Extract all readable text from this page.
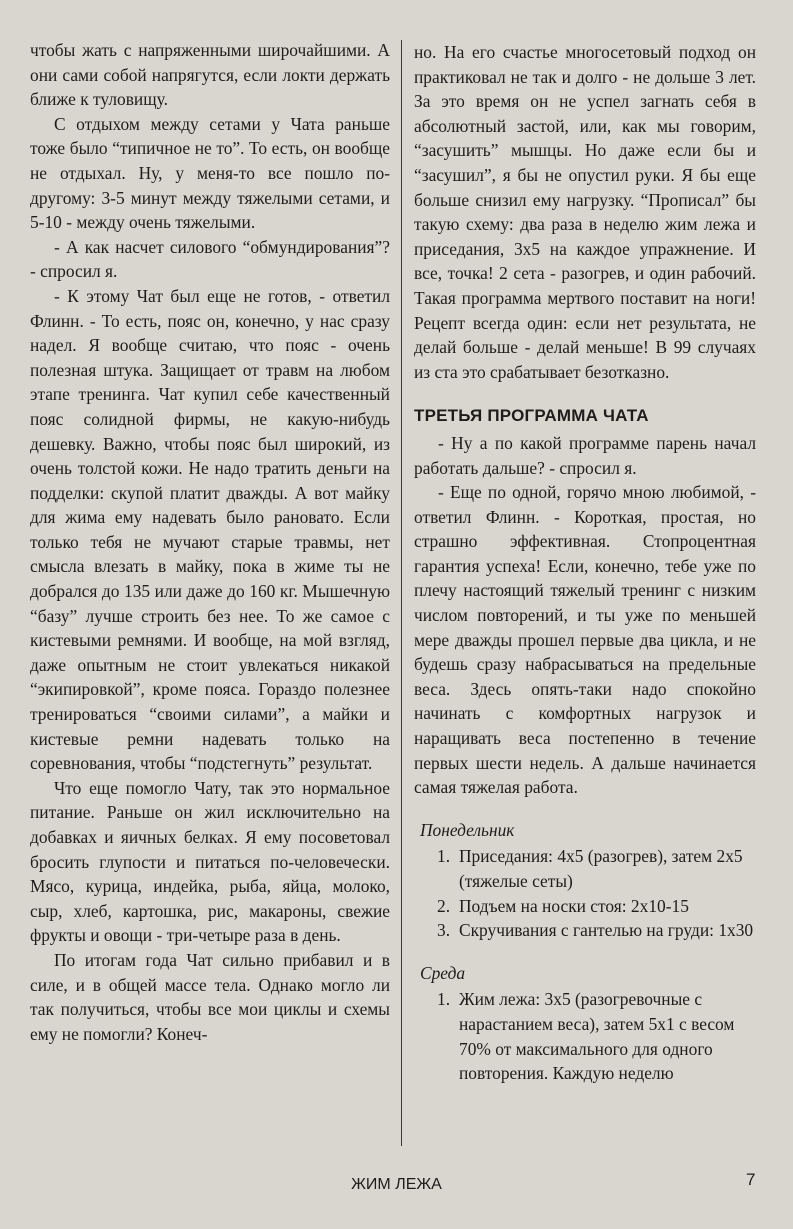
чтобы жать с напряженными широчайшими. А они сами собой напрягутся, если локти держать ближе к туловищу.

С отдыхом между сетами у Чата раньше тоже было “типичное не то”. То есть, он вообще не отдыхал. Ну, у меня-то все пошло по-другому: 3-5 минут между тяжелыми сетами, и 5-10 - между очень тяжелыми.

- А как насчет силового “обмундирования”? - спросил я.

- К этому Чат был еще не готов, - ответил Флинн. - То есть, пояс он, конечно, у нас сразу надел. Я вообще считаю, что пояс - очень полезная штука. Защищает от травм на любом этапе тренинга. Чат купил себе качественный пояс солидной фирмы, не какую-нибудь дешевку. Важно, чтобы пояс был широкий, из очень толстой кожи. Не надо тратить деньги на подделки: скупой платит дважды. А вот майку для жима ему надевать было рановато. Если только тебя не мучают старые травмы, нет смысла влезать в майку, пока в жиме ты не добрался до 135 или даже до 160 кг. Мышечную “базу” лучше строить без нее. То же самое с кистевыми ремнями. И вообще, на мой взгляд, даже опытным не стоит увлекаться никакой “экипировкой”, кроме пояса. Гораздо полезнее тренироваться “своими силами”, а майки и кистевые ремни надевать только на соревнования, чтобы “подстегнуть” результат.

Что еще помогло Чату, так это нормальное питание. Раньше он жил исключительно на добавках и яичных белках. Я ему посоветовал бросить глупости и питаться по-человечески. Мясо, курица, индейка, рыба, яйца, молоко, сыр, хлеб, картошка, рис, макароны, свежие фрукты и овощи - три-четыре раза в день.

По итогам года Чат сильно прибавил и в силе, и в общей массе тела. Однако могло ли так получиться, чтобы все мои циклы и схемы ему не помогли? Конеч-

но. На его счастье многосетовый подход он практиковал не так и долго - не дольше 3 лет. За это время он не успел загнать себя в абсолютный застой, или, как мы говорим, “засушить” мышцы. Но даже если бы и “засушил”, я бы не опустил руки. Я бы еще больше снизил ему нагрузку. “Прописал” бы такую схему: два раза в неделю жим лежа и приседания, 3х5 на каждое упражнение. И все, точка! 2 сета - разогрев, и один рабочий. Такая программа мертвого поставит на ноги! Рецепт всегда один: если нет результата, не делай больше - делай меньше! В 99 случаях из ста это срабатывает безотказно.

ТРЕТЬЯ ПРОГРАММА ЧАТА

- Ну а по какой программе парень начал работать дальше? - спросил я.

- Еще по одной, горячо мною любимой, - ответил Флинн. - Короткая, простая, но страшно эффективная. Стопроцентная гарантия успеха! Если, конечно, тебе уже по плечу настоящий тяжелый тренинг с низким числом повторений, и ты уже по меньшей мере дважды прошел первые два цикла, и не будешь сразу набрасываться на предельные веса. Здесь опять-таки надо спокойно начинать с комфортных нагрузок и наращивать веса постепенно в течение первых шести недель. А дальше начинается самая тяжелая работа.

Понедельник
1. Приседания: 4х5 (разогрев), затем 2х5 (тяжелые сеты)
2. Подъем на носки стоя: 2х10-15
3. Скручивания с гантелью на груди: 1х30
Среда
1. Жим лежа: 3х5 (разогревочные с нарастанием веса), затем 5х1 с весом 70% от максимального для одного повторения. Каждую неделю
ЖИМ ЛЕЖА	7
